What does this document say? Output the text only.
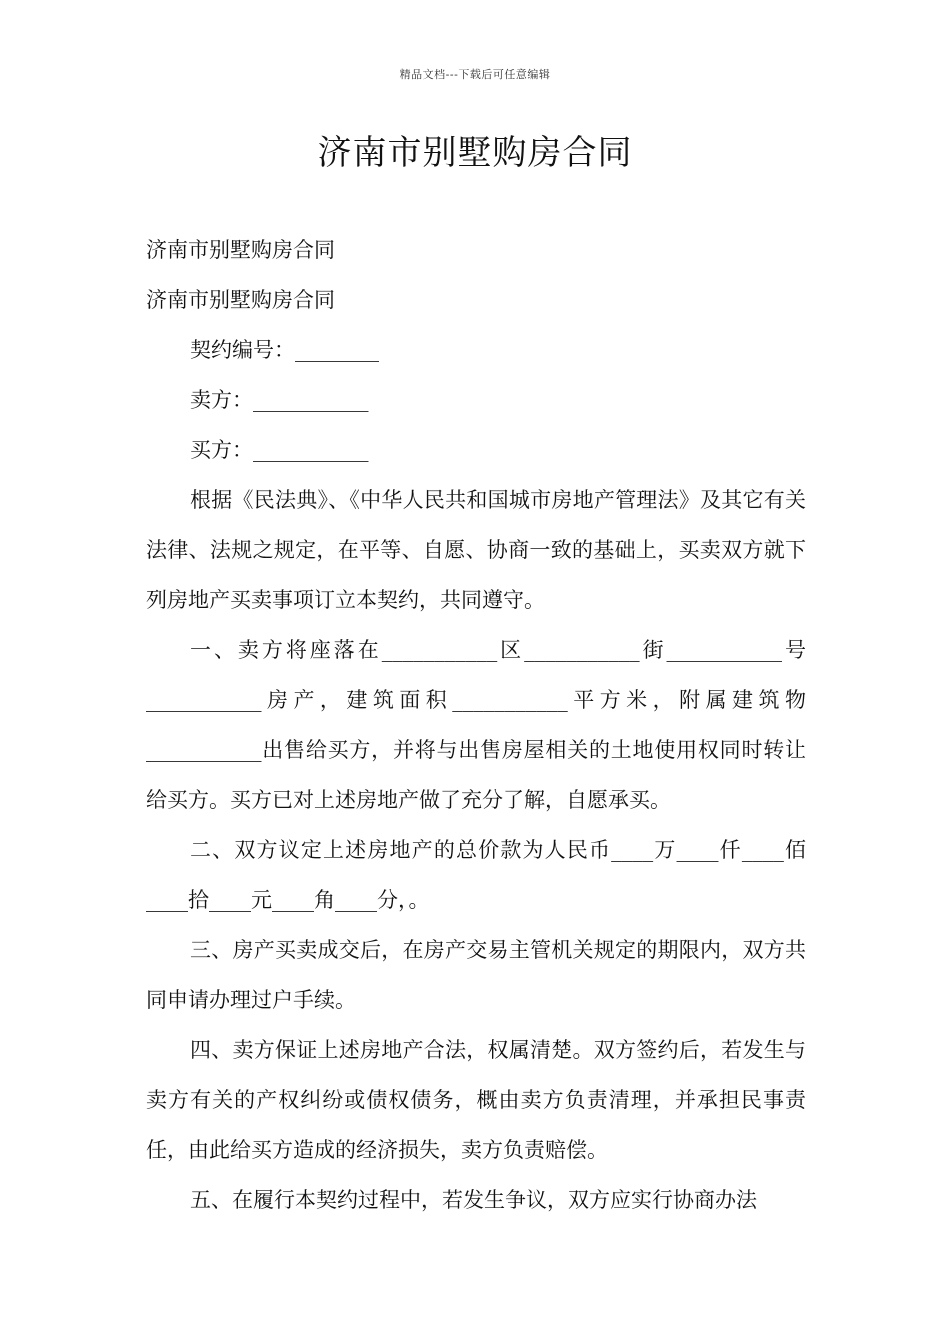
精品文档---下载后可任意编辑
济南市别墅购房合同

济南市别墅购房合同

济南市别墅购房合同

契约编号：________

卖方：___________

买方：___________

根据《民法典》、《中华人民共和国城市房地产管理法》及其它有关法律、法规之规定，在平等、自愿、协商一致的基础上，买卖双方就下列房地产买卖事项订立本契约，共同遵守。

一、卖方将座落在___________区___________街___________号___________房产，建筑面积___________平方米，附属建筑物___________出售给买方，并将与出售房屋相关的土地使用权同时转让给买方。买方已对上述房地产做了充分了解，自愿承买。

二、双方议定上述房地产的总价款为人民币____万____仟____佰____拾____元____角____分，。

三、房产买卖成交后，在房产交易主管机关规定的期限内，双方共同申请办理过户手续。

四、卖方保证上述房地产合法，权属清楚。双方签约后，若发生与卖方有关的产权纠纷或债权债务，概由卖方负责清理，并承担民事责任，由此给买方造成的经济损失，卖方负责赔偿。

五、在履行本契约过程中，若发生争议，双方应实行协商办法
